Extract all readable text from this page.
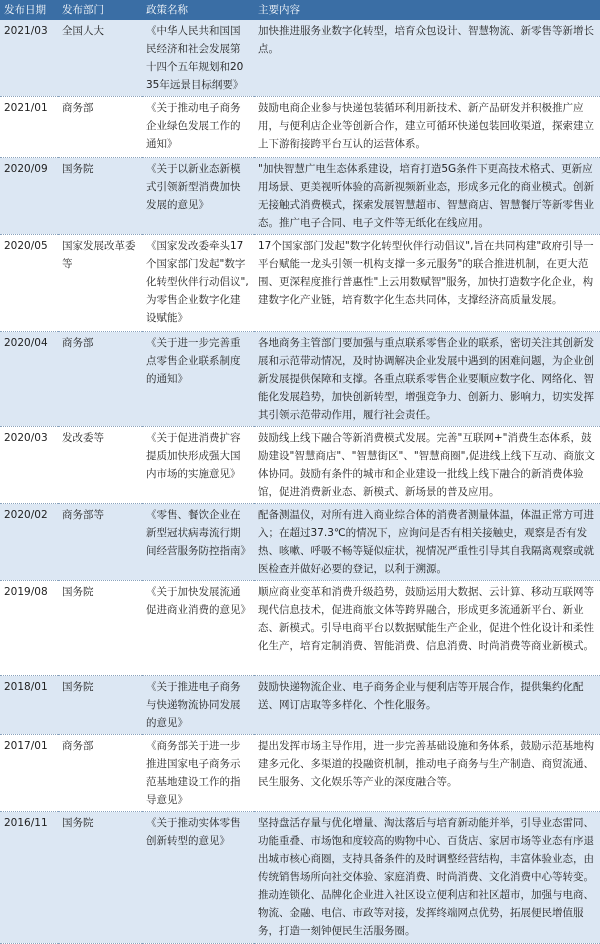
发布日期	发布部门	政策名称	主要内容
2021/03	全国人大	《中华人民共和国国民经济和社会发展第十四个五年规划和2035年远景目标纲要》	加快推进服务业数字化转型，培育众包设计、智慧物流、新零售等新增长点。
2021/01	商务部	《关于推动电子商务企业绿色发展工作的通知》	鼓励电商企业参与快递包装循环利用新技术、新产品研发并积极推广应用，与便利店企业等创新合作，建立可循环快递包装回收渠道，探索建立上下游衔接跨平台互认的运营体系。
2020/09	国务院	《关于以新业态新模式引领新型消费加快发展的意见》	"加快智慧广电生态体系建设，培育打造5G条件下更高技术格式、更新应用场景、更美视听体验的高新视频新业态，形成多元化的商业模式。创新无接触式消费模式，探索发展智慧超市、智慧商店、智慧餐厅等新零售业态。推广电子合同、电子文件等无纸化在线应用。
2020/05	国家发展改革委等	《国家发改委牵头17个国家部门发起"数字化转型伙伴行动倡议",为零售企业数字化建设赋能》	17个国家部门发起"数字化转型伙伴行动倡议",旨在共同构建"政府引导一平台赋能一龙头引领一机构支撑一多元服务"的联合推进机制，在更大范围、更深程度推行普惠性"上云用数赋智"服务，加快打造数字化企业，构建数字化产业链，培育数字化生态共同体，支撑经济高质量发展。
2020/04	商务部	《关于进一步完善重点零售企业联系制度的通知》	各地商务主管部门要加强与重点联系零售企业的联系，密切关注其创新发展和示范带动情况，及时协调解决企业发展中遇到的困难问题，为企业创新发展提供保障和支撑。各重点联系零售企业要顺应数字化、网络化、智能化发展趋势，加快创新转型，增强竞争力、创新力、影响力，切实发挥其引领示范带动作用，履行社会责任。
2020/03	发改委等	《关于促进消费扩容提质加快形成强大国内市场的实施意见》	鼓励线上线下融合等新消费模式发展。完善"互联网+"消费生态体系，鼓励建设"智慧商店"、"智慧街区"、"智慧商圈",促进线上线下互动、商旅文体协同。鼓励有条件的城市和企业建设一批线上线下融合的新消费体验馆，促进消费新业态、新模式、新场景的普及应用。
2020/02	商务部等	《零售、餐饮企业在新型冠状病毒流行期间经营服务防控指南》	配备测温仪，对所有进入商业综合体的消费者测量体温，体温正常方可进入；在超过37.3℃的情况下，应询问是否有相关接触史，观察是否有发热、咳嗽、呼吸不畅等疑似症状，视情况严重性引导其自我隔离观察或就医检查并做好必要的登记，以利于溯源。
2019/08	国务院	《关于加快发展流通促进商业消费的意见》	顺应商业变革和消费升级趋势，鼓励运用大数据、云计算、移动互联网等现代信息技术，促进商旅文体等跨界融合，形成更多流通新平台、新业态、新模式。引导电商平台以数据赋能生产企业，促进个性化设计和柔性化生产，培育定制消费、智能消费、信息消费、时尚消费等商业新模式。
2018/01	国务院	《关于推进电子商务与快递物流协同发展的意见》	鼓励快递物流企业、电子商务企业与便利店等开展合作，提供集约化配送、网订店取等多样化、个性化服务。
2017/01	商务部	《商务部关于进一步推进国家电子商务示范基地建设工作的指导意见》	提出发挥市场主导作用，进一步完善基础设施和务体系，鼓励示范基地构建多元化、多渠道的投融资机制，推动电子商务与生产制造、商贸流通、民生服务、文化娱乐等产业的深度融合等。
2016/11	国务院	《关于推动实体零售创新转型的意见》	坚持盘活存量与优化增量、淘汰落后与培育新动能并举，引导业态雷同、功能重叠、市场饱和度较高的购物中心、百货店、家居市场等业态有序退出城市核心商圈，支持具备条件的及时调整经营结构，丰富体验业态，由传统销售场所向社交体验、家庭消费、时尚消费、文化消费中心等转变。推动连锁化、品牌化企业进入社区设立便利店和社区超市，加强与电商、物流、金融、电信、市政等对接，发挥终端网点优势，拓展便民增值服务，打造一刻钟便民生活服务圈。
